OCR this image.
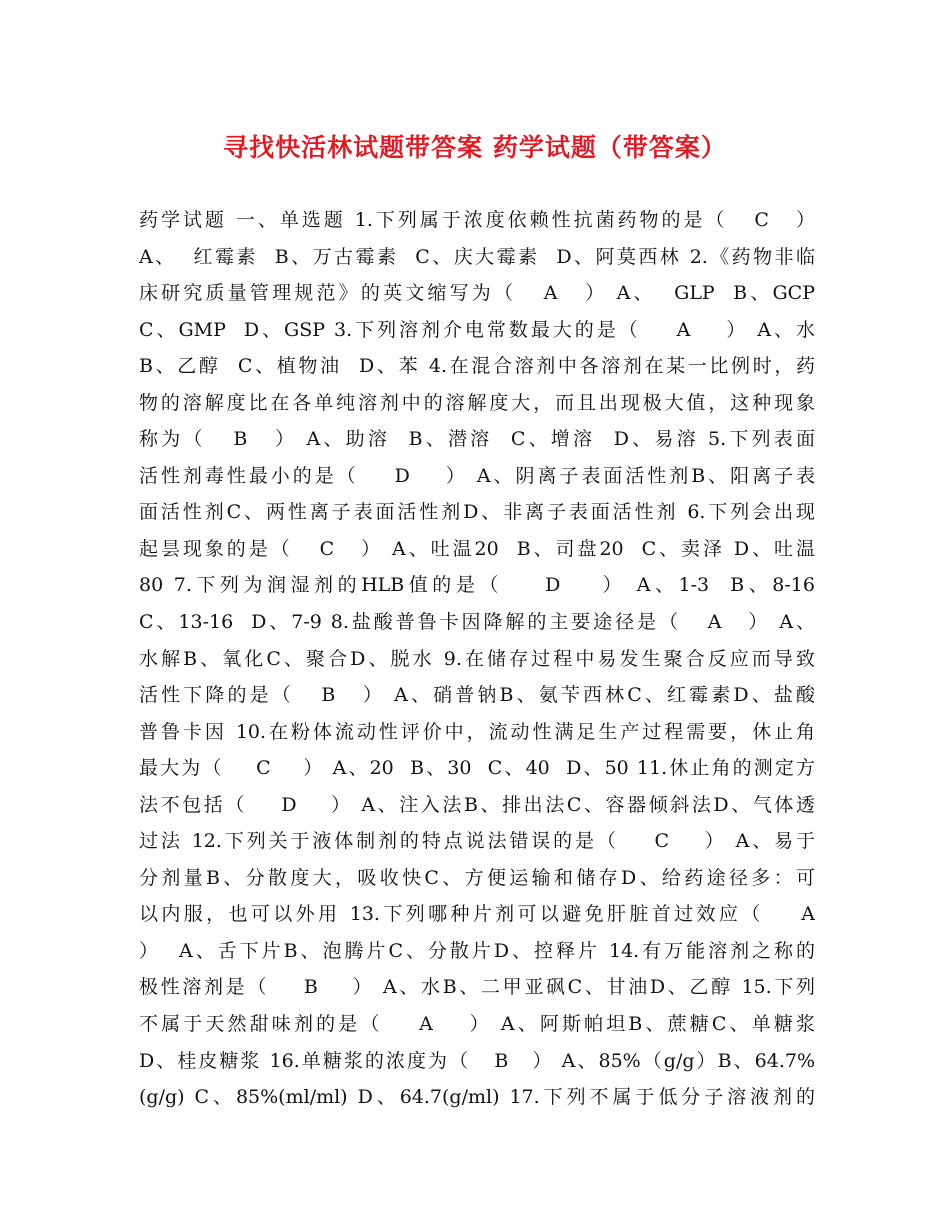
寻找快活林试题带答案 药学试题（带答案）
药学试题 一、单选题 1.下列属于浓度依赖性抗菌药物的是（   C   ）
A、  红霉素  B、万古霉素  C、庆大霉素  D、阿莫西林 2.《药物非临
床研究质量管理规范》的英文缩写为（   A   ） A、  GLP  B、GCP
C、GMP  D、GSP 3.下列溶剂介电常数最大的是（    A    ） A、水
B、乙醇  C、植物油  D、苯 4.在混合溶剂中各溶剂在某一比例时，药
物的溶解度比在各单纯溶剂中的溶解度大，而且出现极大值，这种现象
称为（   B   ） A、助溶  B、潜溶  C、增溶  D、易溶 5.下列表面
活性剂毒性最小的是（    D    ） A、阴离子表面活性剂B、阳离子表
面活性剂C、两性离子表面活性剂D、非离子表面活性剂 6.下列会出现
起昙现象的是（   C   ） A、吐温20  B、司盘20  C、卖泽 D、吐温
80 7.下列为润湿剂的HLB值的是（    D    ） A、1-3  B、8-16
C、13-16  D、7-9 8.盐酸普鲁卡因降解的主要途径是（   A   ） A、
水解B、氧化C、聚合D、脱水 9.在储存过程中易发生聚合反应而导致
活性下降的是（   B   ） A、硝普钠B、氨苄西林C、红霉素D、盐酸
普鲁卡因 10.在粉体流动性评价中，流动性满足生产过程需要，休止角
最大为（    C    ） A、20  B、30  C、40  D、50 11.休止角的测定方
法不包括（    D    ） A、注入法B、排出法C、容器倾斜法D、气体透
过法 12.下列关于液体制剂的特点说法错误的是（    C    ） A、易于
分剂量B、分散度大，吸收快C、方便运输和储存D、给药途径多：可
以内服，也可以外用 13.下列哪种片剂可以避免肝脏首过效应（    A
）  A、舌下片B、泡腾片C、分散片D、控释片 14.有万能溶剂之称的
极性溶剂是（    B    ） A、水B、二甲亚砜C、甘油D、乙醇 15.下列
不属于天然甜味剂的是（    A    ） A、阿斯帕坦B、蔗糖C、单糖浆
D、桂皮糖浆 16.单糖浆的浓度为（   B   ） A、85%（g/g）B、64.7%
(g/g) C、85%(ml/ml) D、64.7(g/ml) 17.下列不属于低分子溶液剂的
